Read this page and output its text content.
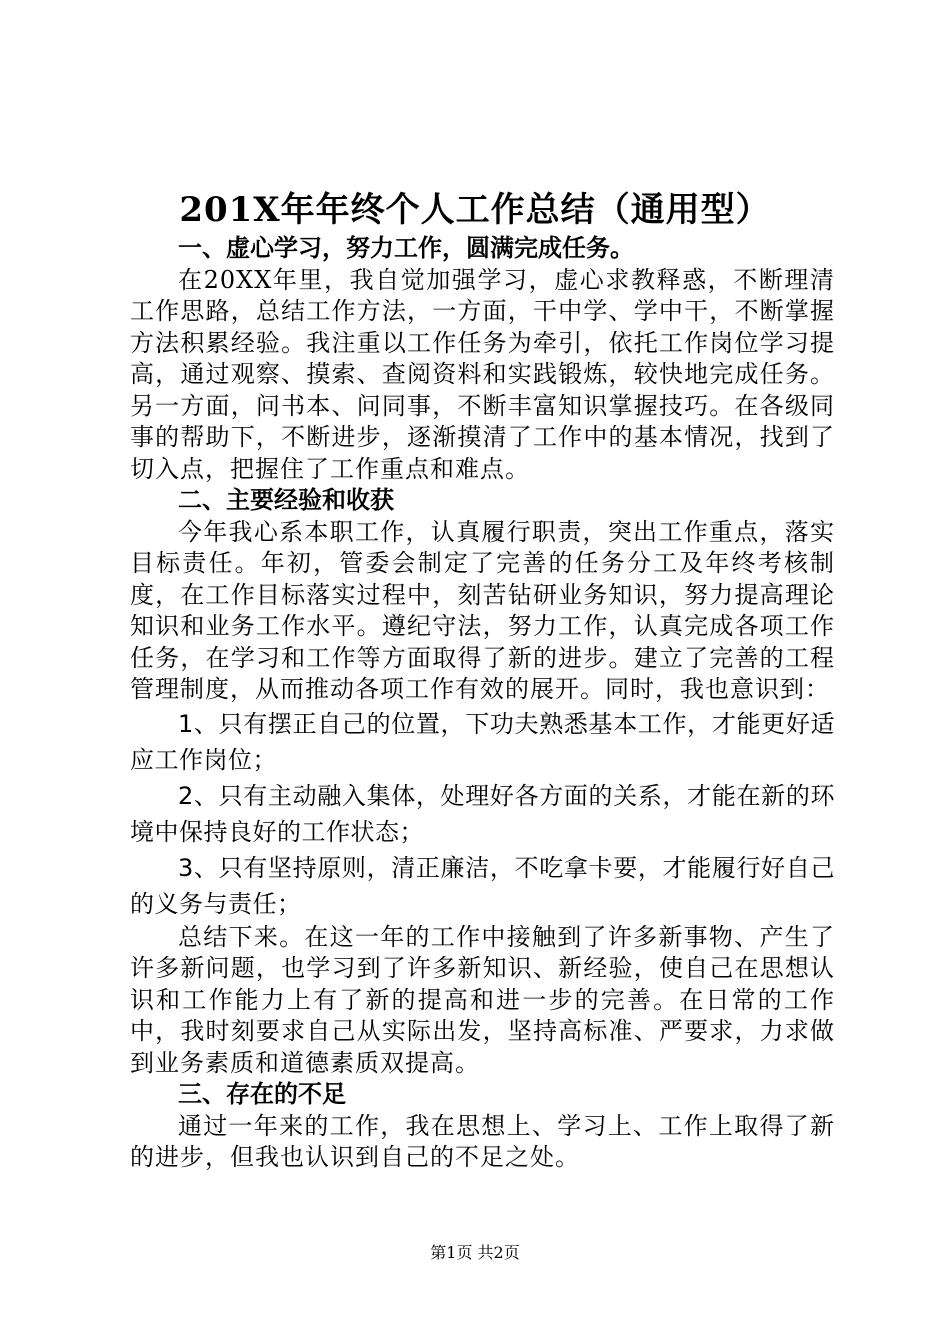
201X年年终个人工作总结（通用型）

一、虚心学习，努力工作，圆满完成任务。

在20XX年里，我自觉加强学习，虚心求教释惑，不断理清工作思路，总结工作方法，一方面，干中学、学中干，不断掌握方法积累经验。我注重以工作任务为牵引，依托工作岗位学习提高，通过观察、摸索、查阅资料和实践锻炼，较快地完成任务。另一方面，问书本、问同事，不断丰富知识掌握技巧。在各级同事的帮助下，不断进步，逐渐摸清了工作中的基本情况，找到了切入点，把握住了工作重点和难点。

二、主要经验和收获

今年我心系本职工作，认真履行职责，突出工作重点，落实目标责任。年初，管委会制定了完善的任务分工及年终考核制度，在工作目标落实过程中，刻苦钻研业务知识，努力提高理论知识和业务工作水平。遵纪守法，努力工作，认真完成各项工作任务，在学习和工作等方面取得了新的进步。建立了完善的工程管理制度，从而推动各项工作有效的展开。同时，我也意识到：

1、只有摆正自己的位置，下功夫熟悉基本工作，才能更好适应工作岗位；

2、只有主动融入集体，处理好各方面的关系，才能在新的环境中保持良好的工作状态；

3、只有坚持原则，清正廉洁，不吃拿卡要，才能履行好自己的义务与责任；

总结下来。在这一年的工作中接触到了许多新事物、产生了许多新问题，也学习到了许多新知识、新经验，使自己在思想认识和工作能力上有了新的提高和进一步的完善。在日常的工作中，我时刻要求自己从实际出发，坚持高标准、严要求，力求做到业务素质和道德素质双提高。

三、存在的不足

通过一年来的工作，我在思想上、学习上、工作上取得了新的进步，但我也认识到自己的不足之处。

第1页 共2页
